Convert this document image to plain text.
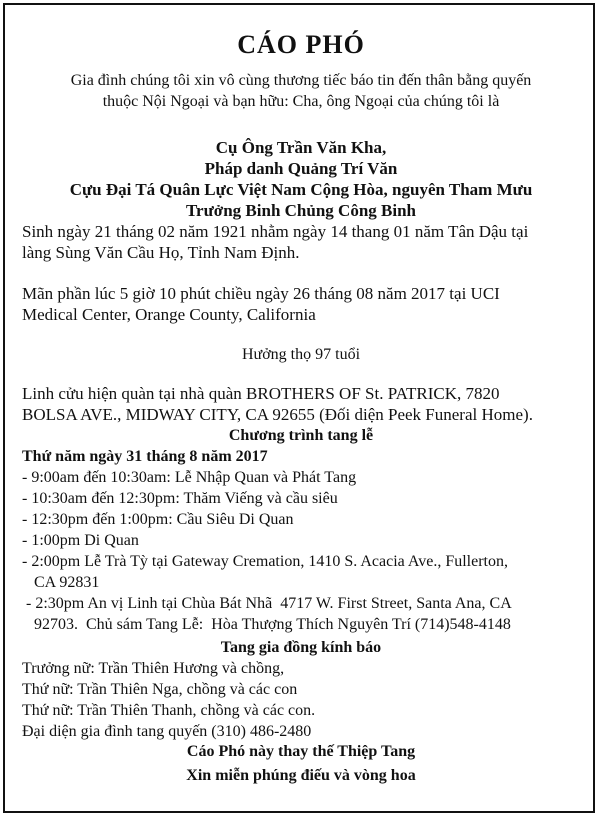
CÁO PHÓ
Gia đình chúng tôi xin vô cùng thương tiếc báo tin đến thân bằng quyến
thuộc Nội Ngoại và bạn hữu: Cha, ông Ngoại của chúng tôi là
Cụ Ông Trần Văn Kha,
Pháp danh Quảng Trí Văn
Cựu Đại Tá Quân Lực Việt Nam Cộng Hòa, nguyên Tham Mưu
Trưởng Binh Chủng Công Binh
Sinh ngày 21 tháng 02 năm 1921 nhằm ngày 14 thang 01 năm Tân Dậu tại
làng Sùng Văn Cầu Họ, Tỉnh Nam Định.
Mãn phần lúc 5 giờ 10 phút chiều ngày 26 tháng 08 năm 2017 tại UCI
Medical Center, Orange County, California
Hưởng thọ 97 tuổi
Linh cửu hiện quàn tại nhà quàn BROTHERS OF St. PATRICK, 7820
BOLSA AVE., MIDWAY CITY, CA 92655 (Đối diện Peek Funeral Home).
Chương trình tang lễ
Thứ năm ngày 31 tháng 8 năm 2017
- 9:00am đến 10:30am: Lễ Nhập Quan và Phát Tang
- 10:30am đến 12:30pm: Thăm Viếng và cầu siêu
- 12:30pm đến 1:00pm: Cầu Siêu Di Quan
- 1:00pm Di Quan
- 2:00pm Lễ Trà Tỳ tại Gateway Cremation, 1410 S. Acacia Ave., Fullerton,
CA 92831
- 2:30pm An vị Linh tại Chùa Bát Nhã  4717 W. First Street, Santa Ana, CA
92703.  Chủ sám Tang Lễ:  Hòa Thượng Thích Nguyên Trí (714)548-4148
Tang gia đồng kính báo
Trưởng nữ: Trần Thiên Hương và chồng,
Thứ nữ: Trần Thiên Nga, chồng và các con
Thứ nữ: Trần Thiên Thanh, chồng và các con.
Đại diện gia đình tang quyến (310) 486-2480
Cáo Phó này thay thế Thiệp Tang
Xin miễn phúng điếu và vòng hoa
